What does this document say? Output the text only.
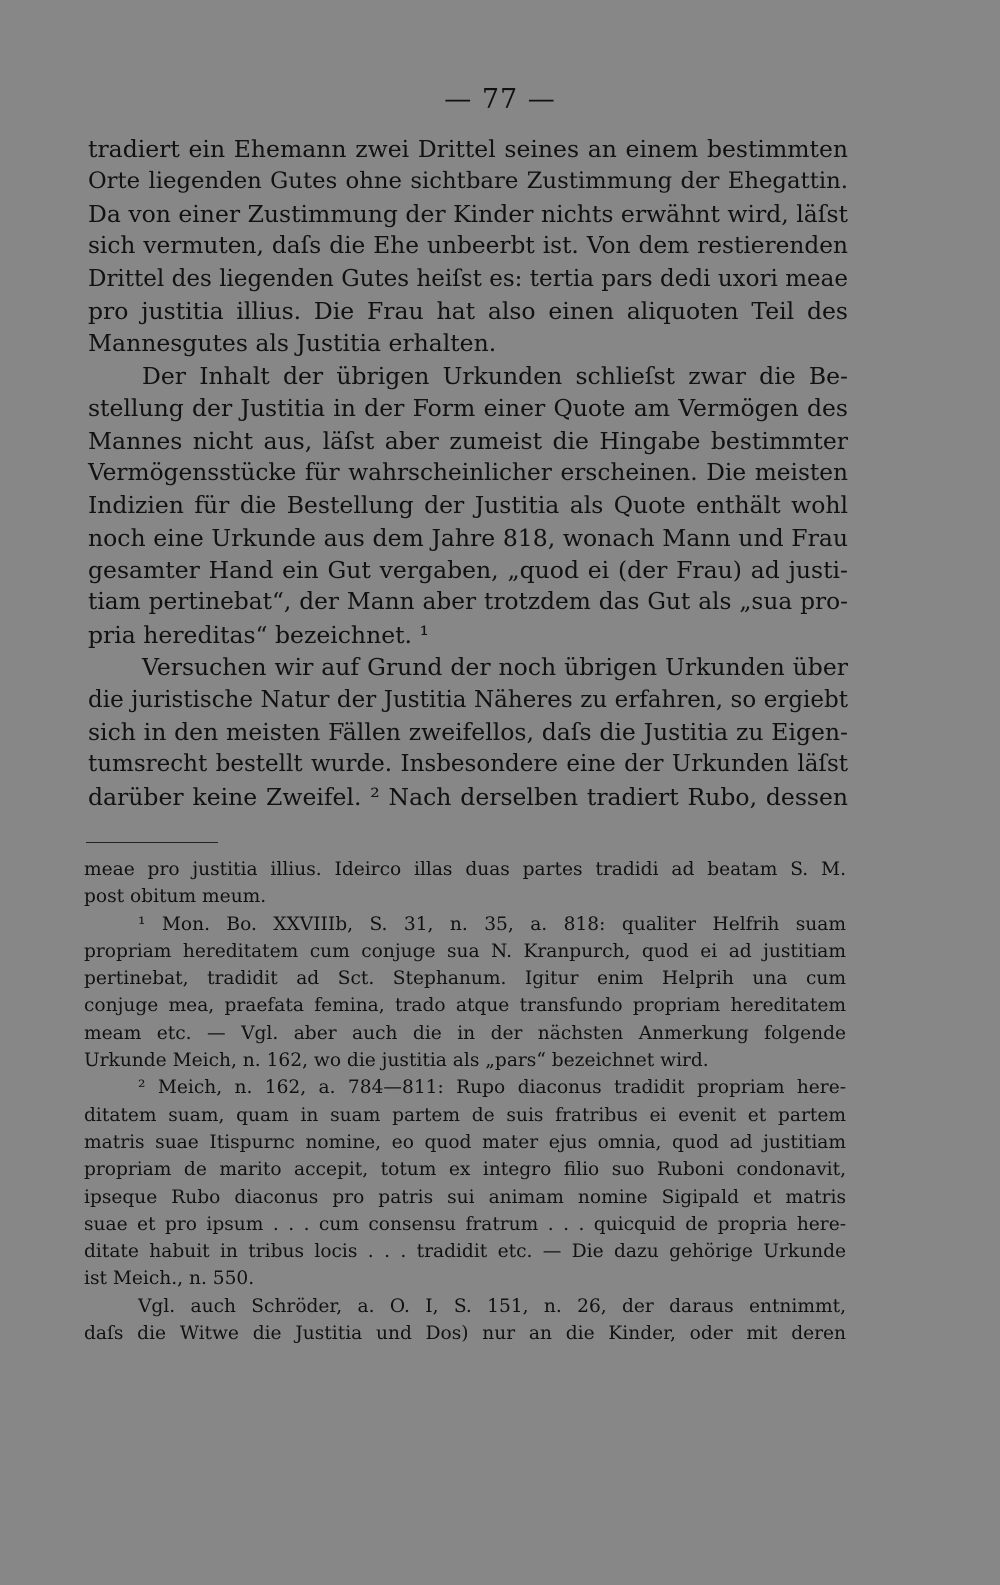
— 77 —
tradiert ein Ehemann zwei Drittel seines an einem bestimmten
Orte liegenden Gutes ohne sichtbare Zustimmung der Ehegattin.
Da von einer Zustimmung der Kinder nichts erwähnt wird, läſst
sich vermuten, daſs die Ehe unbeerbt ist. Von dem restierenden
Drittel des liegenden Gutes heiſst es: tertia pars dedi uxori meae
pro justitia illius. Die Frau hat also einen aliquoten Teil des
Mannesgutes als Justitia erhalten.
Der Inhalt der übrigen Urkunden schlieſst zwar die Be-
stellung der Justitia in der Form einer Quote am Vermögen des
Mannes nicht aus, läſst aber zumeist die Hingabe bestimmter
Vermögensstücke für wahrscheinlicher erscheinen. Die meisten
Indizien für die Bestellung der Justitia als Quote enthält wohl
noch eine Urkunde aus dem Jahre 818, wonach Mann und Frau
gesamter Hand ein Gut vergaben, „quod ei (der Frau) ad justi-
tiam pertinebat“, der Mann aber trotzdem das Gut als „sua pro-
pria hereditas“ bezeichnet. ¹
Versuchen wir auf Grund der noch übrigen Urkunden über
die juristische Natur der Justitia Näheres zu erfahren, so ergiebt
sich in den meisten Fällen zweifellos, daſs die Justitia zu Eigen-
tumsrecht bestellt wurde. Insbesondere eine der Urkunden läſst
darüber keine Zweifel. ² Nach derselben tradiert Rubo, dessen
meae pro justitia illius. Ideirco illas duas partes tradidi ad beatam S. M.
post obitum meum.
¹ Mon. Bo. XXVIIIb, S. 31, n. 35, a. 818: qualiter Helfrih suam
propriam hereditatem cum conjuge sua N. Kranpurch, quod ei ad justitiam
pertinebat, tradidit ad Sct. Stephanum. Igitur enim Helprih una cum
conjuge mea, praefata femina, trado atque transfundo propriam hereditatem
meam etc. — Vgl. aber auch die in der nächsten Anmerkung folgende
Urkunde Meich, n. 162, wo die justitia als „pars“ bezeichnet wird.
² Meich, n. 162, a. 784—811: Rupo diaconus tradidit propriam here-
ditatem suam, quam in suam partem de suis fratribus ei evenit et partem
matris suae Itispurnc nomine, eo quod mater ejus omnia, quod ad justitiam
propriam de marito accepit, totum ex integro filio suo Ruboni condonavit,
ipseque Rubo diaconus pro patris sui animam nomine Sigipald et matris
suae et pro ipsum . . . cum consensu fratrum . . . quicquid de propria here-
ditate habuit in tribus locis . . . tradidit etc. — Die dazu gehörige Urkunde
ist Meich., n. 550.
Vgl. auch Schröder, a. O. I, S. 151, n. 26, der daraus entnimmt,
daſs die Witwe die Justitia und Dos) nur an die Kinder, oder mit deren
